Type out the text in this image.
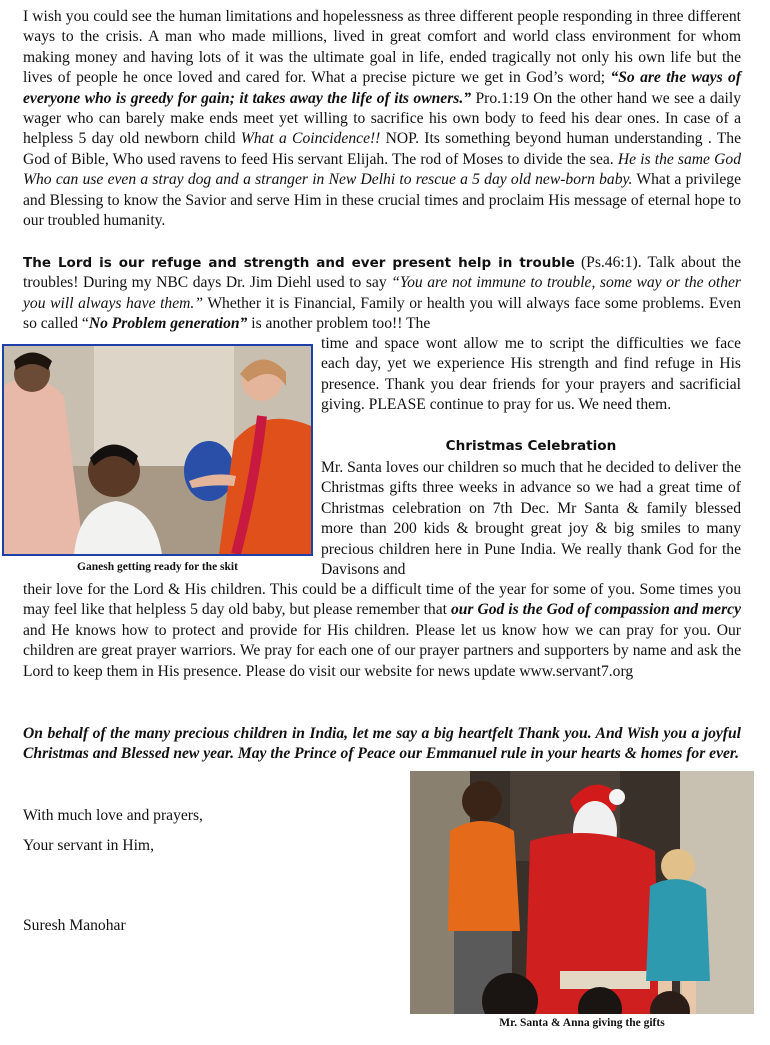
I wish you could see the human limitations and hopelessness as three different people responding in three different ways to the crisis. A man who made millions, lived in great comfort and world class environment for whom making money and having lots of it was the ultimate goal in life, ended tragically not only his own life but the lives of people he once loved and cared for. What a precise picture we get in God’s word; “So are the ways of everyone who is greedy for gain; it takes away the life of its owners.” Pro.1:19 On the other hand we see a daily wager who can barely make ends meet yet willing to sacrifice his own body to feed his dear ones. In case of a helpless 5 day old newborn child What a Coincidence!! NOP. Its something beyond human understanding . The God of Bible, Who used ravens to feed His servant Elijah. The rod of Moses to divide the sea. He is the same God Who can use even a stray dog and a stranger in New Delhi to rescue a 5 day old new-born baby. What a privilege and Blessing to know the Savior and serve Him in these crucial times and proclaim His message of eternal hope to our troubled humanity.

The Lord is our refuge and strength and ever present help in trouble (Ps.46:1). Talk about the troubles! During my NBC days Dr. Jim Diehl used to say “You are not immune to trouble, some way or the other you will always have them.” Whether it is Financial, Family or health you will always face some problems. Even so called “No Problem generation” is another problem too!! The

Ganesh getting ready for the skit

time and space wont allow me to script the difficulties we face each day, yet we experience His strength and find refuge in His presence. Thank you dear friends for your prayers and sacrificial giving. PLEASE continue to pray for us. We need them.

Christmas Celebration

Mr. Santa loves our children so much that he decided to deliver the Christmas gifts three weeks in advance so we had a great time of Christmas celebration on 7th Dec. Mr Santa & family blessed more than 200 kids & brought great joy & big smiles to many precious children here in Pune India. We really thank God for the Davisons and

their love for the Lord & His children. This could be a difficult time of the year for some of you. Some times you may feel like that helpless 5 day old baby, but please remember that our God is the God of compassion and mercy and He knows how to protect and provide for His children. Please let us know how we can pray for you. Our children are great prayer warriors. We pray for each one of our prayer partners and supporters by name and ask the Lord to keep them in His presence. Please do visit our website for news update www.servant7.org

On behalf of the many precious children in India, let me say a big heartfelt Thank you. And Wish you a joyful Christmas and Blessed new year. May the Prince of Peace our Emmanuel rule in your hearts & homes for ever.

With much love and prayers,

Your servant in Him,

Suresh Manohar

Mr. Santa & Anna giving the gifts
